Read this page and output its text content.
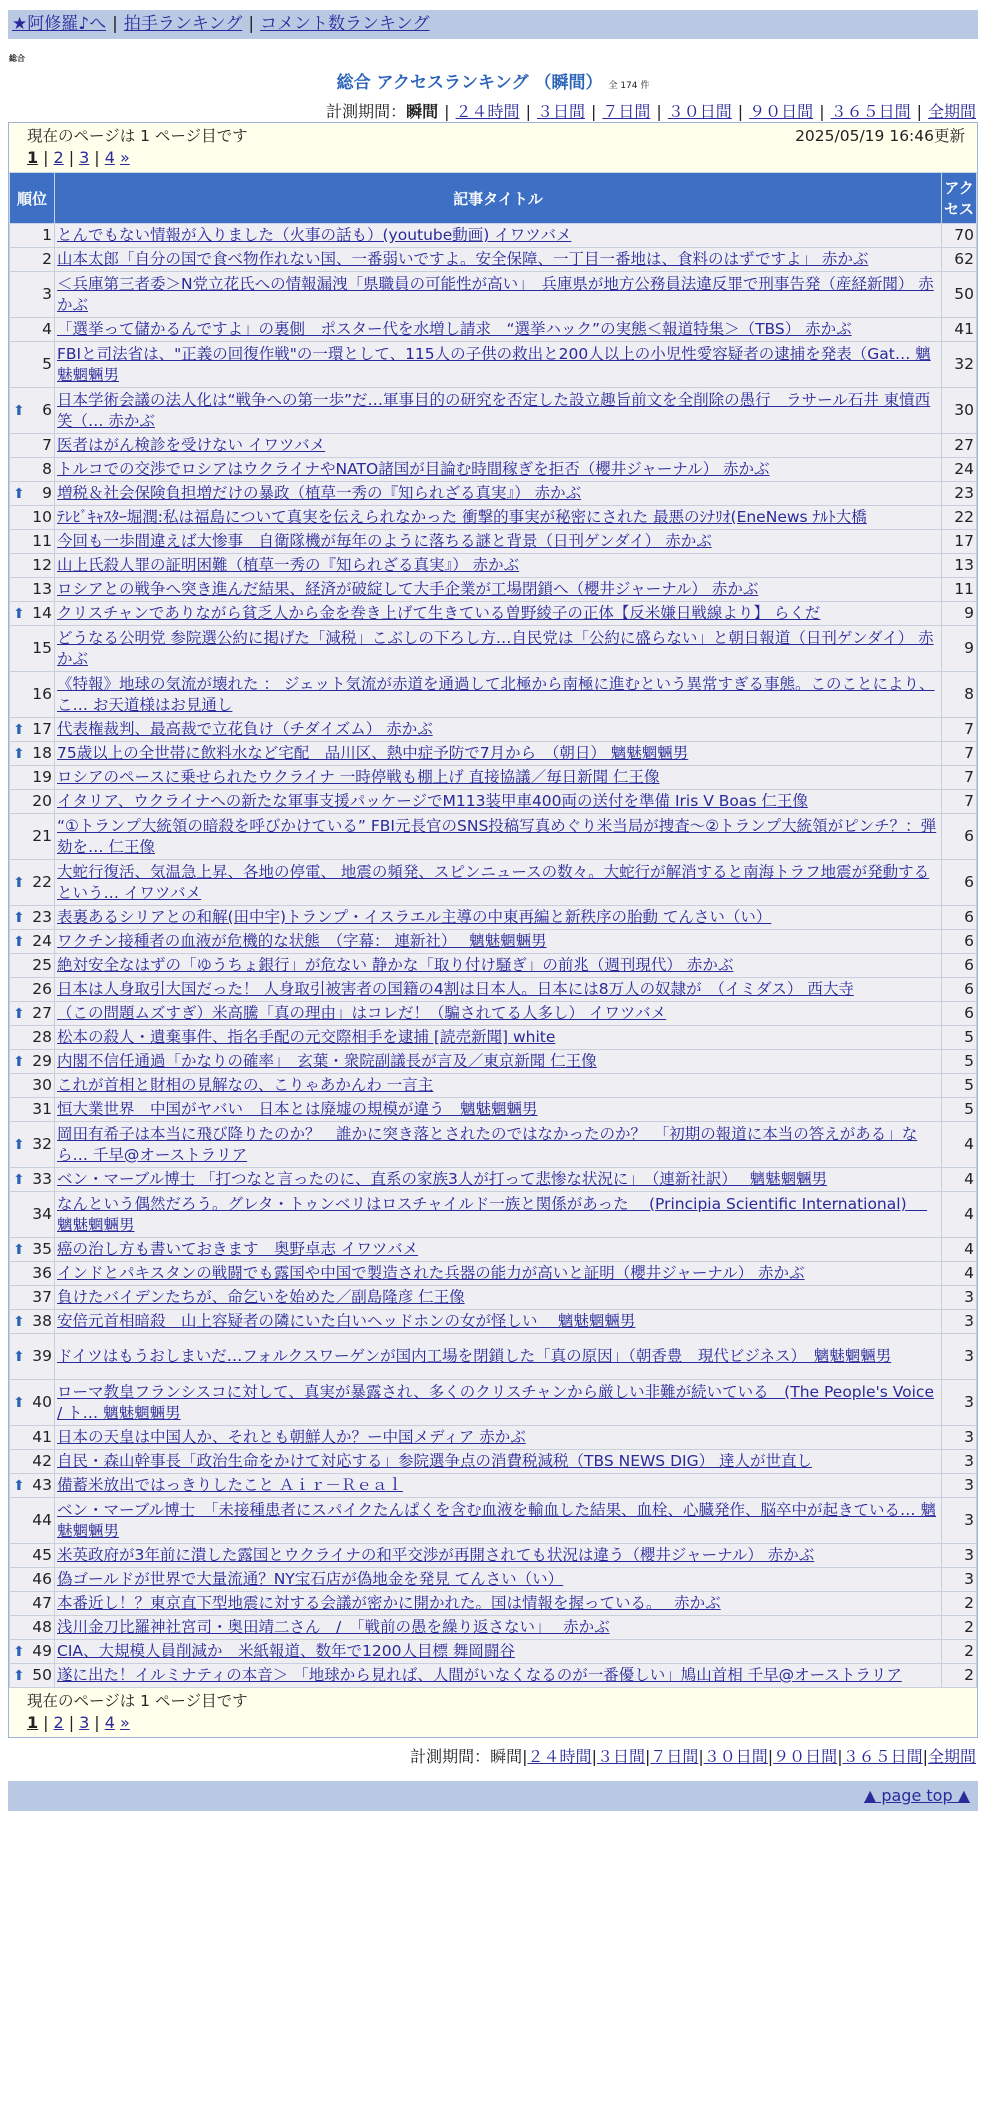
★阿修羅♪へ | 拍手ランキング | コメント数ランキング
総合
総合 アクセスランキング （瞬間） 全 174 件
計測期間：瞬間 | ２４時間 | ３日間 | ７日間 | ３０日間 | ９０日間 | ３６５日間 | 全期間
現在のページは 1 ページ目です	2025/05/19 16:46更新
1 | 2 | 3 | 4 »
順位	記事タイトル	アクセス
1	とんでもない情報が入りました（火事の話も）(youtube動画) イワツバメ	70
2	山本太郎「自分の国で食べ物作れない国、一番弱いですよ。安全保障、一丁目一番地は、食料のはずですよ」 赤かぶ	62
3	＜兵庫第三者委＞N党立花氏への情報漏洩「県職員の可能性が高い」　兵庫県が地方公務員法違反罪で刑事告発（産経新聞） 赤かぶ	50
4	「選挙って儲かるんですよ」の裏側　ポスター代を水増し請求　“選挙ハック”の実態＜報道特集＞（TBS） 赤かぶ	41
5	FBIと司法省は、"正義の回復作戦"の一環として、115人の子供の救出と200人以上の小児性愛容疑者の逮捕を発表（Gat… 魑魅魍魎男	32

⬆ 6	日本学術会議の法人化は“戦争への第一歩”だ…軍事目的の研究を否定した設立趣旨前文を全削除の愚行　ラサール石井 東憤西笑（… 赤かぶ	30
7	医者はがん検診を受けない イワツバメ	27
8	トルコでの交渉でロシアはウクライナやNATO諸国が目論む時間稼ぎを拒否（櫻井ジャーナル） 赤かぶ	24

⬆ 9	増税＆社会保険負担増だけの暴政（植草一秀の『知られざる真実』） 赤かぶ	23
10	ﾃﾚﾋﾞｷｬｽﾀｰ堀潤:私は福島について真実を伝えられなかった 衝撃的事実が秘密にされた 最悪のｼﾅﾘｵ(EneNews ﾅﾙﾄ大橋	22
11	今回も一歩間違えば大惨事　自衛隊機が毎年のように落ちる謎と背景（日刊ゲンダイ） 赤かぶ	17
12	山上氏殺人罪の証明困難（植草一秀の『知られざる真実』） 赤かぶ	13
13	ロシアとの戦争へ突き進んだ結果、経済が破綻して大手企業が工場閉鎖へ（櫻井ジャーナル） 赤かぶ	11

⬆ 14	クリスチャンでありながら貧乏人から金を巻き上げて生きている曽野綾子の正体【反米嫌日戦線より】 らくだ	9
15	どうなる公明党 参院選公約に掲げた「減税」こぶしの下ろし方…自民党は「公約に盛らない」と朝日報道（日刊ゲンダイ） 赤かぶ	9
16	《特報》地球の気流が壊れた ： ジェット気流が赤道を通過して北極から南極に進むという異常すぎる事態。このことにより、こ… お天道様はお見通し	8

⬆ 17	代表権裁判、最高裁で立花負け（チダイズム） 赤かぶ	7

⬆ 18	75歳以上の全世帯に飲料水など宅配　品川区、熱中症予防で7月から　（朝日） 魑魅魍魎男	7
19	ロシアのペースに乗せられたウクライナ 一時停戦も棚上げ 直接協議／毎日新聞 仁王像	7
20	イタリア、ウクライナへの新たな軍事支援パッケージでM113装甲車400両の送付を準備 Iris V Boas 仁王像	7
21	“①トランプ大統領の暗殺を呼びかけている” FBI元長官のSNS投稿写真めぐり米当局が捜査～②トランプ大統領がピンチ？：弾劾を… 仁王像	6

⬆ 22	大蛇行復活、気温急上昇、各地の停電、 地震の頻発、スピンニュースの数々。大蛇行が解消すると南海トラフ地震が発動するという… イワツバメ	6

⬆ 23	表裏あるシリアとの和解(田中宇)トランプ・イスラエル主導の中東再編と新秩序の胎動 てんさい（い）	6

⬆ 24	ワクチン接種者の血液が危機的な状態　（字幕： 連新社）　 魑魅魍魎男	6
25	絶対安全なはずの「ゆうちょ銀行」が危ない 静かな「取り付け騒ぎ」の前兆（週刊現代） 赤かぶ	6
26	日本は人身取引大国だった！ 人身取引被害者の国籍の4割は日本人。日本には8万人の奴隷が　（イミダス） 西大寺	6

⬆ 27	（この問題ムズすぎ）米高騰「真の理由」はコレだ！（騙されてる人多し） イワツバメ	6
28	松本の殺人・遺棄事件、指名手配の元交際相手を逮捕 [読売新聞] white	5

⬆ 29	内閣不信任通過「かなりの確率」　玄葉・衆院副議長が言及／東京新聞 仁王像	5
30	これが首相と財相の見解なの、こりゃあかんわ 一言主	5
31	恒大業世界　中国がヤバい　日本とは廃墟の規模が違う　魑魅魍魎男	5

⬆ 32	岡田有希子は本当に飛び降りたのか？　誰かに突き落とされたのではなかったのか？　「初期の報道に本当の答えがある」なら… 千早@オーストラリア	4

⬆ 33	ベン・マーブル博士 「打つなと言ったのに、直系の家族3人が打って悲惨な状況に」　（連新社訳）　 魑魅魍魎男	4
34	なんという偶然だろう。グレタ・トゥンベリはロスチャイルド一族と関係があった　 (Principia Scientific International)　 魑魅魍魎男	4

⬆ 35	癌の治し方も書いておきます　奥野卓志 イワツバメ	4
36	インドとパキスタンの戦闘でも露国や中国で製造された兵器の能力が高いと証明（櫻井ジャーナル） 赤かぶ	4
37	負けたバイデンたちが、命乞いを始めた／副島隆彦 仁王像	3

⬆ 38	安倍元首相暗殺　山上容疑者の隣にいた白いヘッドホンの女が怪しい　 魑魅魍魎男	3

⬆ 39	ドイツはもうおしまいだ…フォルクスワーゲンが国内工場を閉鎖した「真の原因」（朝香豊　現代ビジネス）　魑魅魍魎男	3

⬆ 40	ローマ教皇フランシスコに対して、真実が暴露され、多くのクリスチャンから厳しい非難が続いている　(The People's Voice / ト… 魑魅魍魎男	3
41	日本の天皇は中国人か、それとも朝鮮人か？ー中国メディア 赤かぶ	3
42	自民・森山幹事長「政治生命をかけて対応する」参院選争点の消費税減税（TBS NEWS DIG） 達人が世直し	3

⬆ 43	備蓄米放出ではっきりしたこと Ａｉｒ－Ｒｅａｌ	3
44	ベン・マーブル博士　「未接種患者にスパイクたんぱくを含む血液を輸血した結果、血栓、心臓発作、脳卒中が起きている… 魑魅魍魎男	3
45	米英政府が3年前に潰した露国とウクライナの和平交渉が再開されても状況は違う（櫻井ジャーナル） 赤かぶ	3
46	偽ゴールドが世界で大量流通？NY宝石店が偽地金を発見 てんさい（い）	3
47	本番近し！？東京直下型地震に対する会議が密かに開かれた。国は情報を握っている。　 赤かぶ	2
48	浅川金刀比羅神社宮司・奥田靖二さん　/　「戦前の愚を繰り返さない」　 赤かぶ	2

⬆ 49	CIA、大規模人員削減か　米紙報道、数年で1200人目標 舞岡闘谷	2

⬆ 50	遂に出た！イルミナティの本音＞ 「地球から見れば、人間がいなくなるのが一番優しい」鳩山首相 千早@オーストラリア	2
現在のページは 1 ページ目です
1 | 2 | 3 | 4 »
計測期間：瞬間|２４時間|３日間|７日間|３０日間|９０日間|３６５日間|全期間
▲ page top ▲
